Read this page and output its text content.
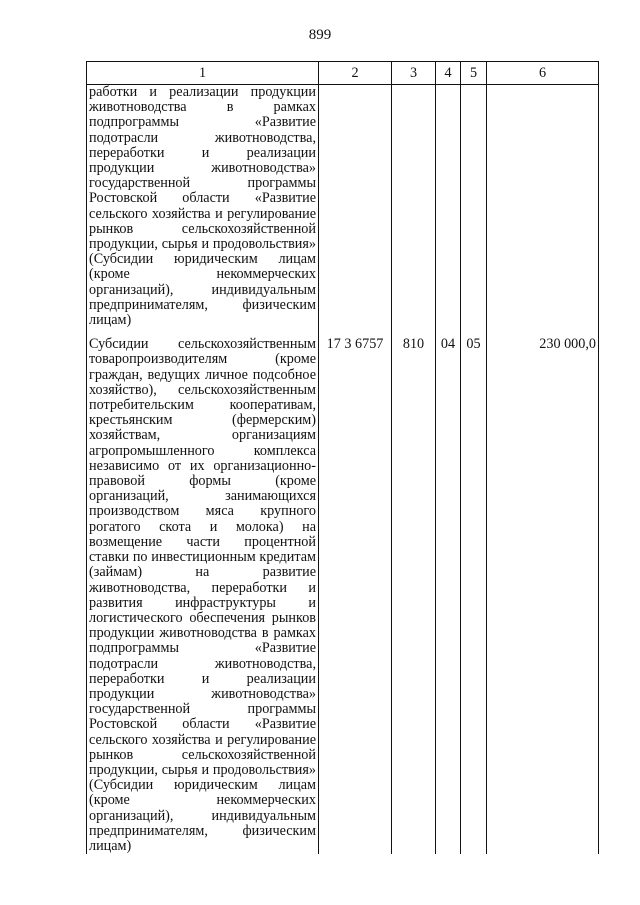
899
1	2	3	4	5	6
работки и реализации продукции животноводства в рамках подпрограммы «Развитие подотрасли животноводства, переработки и реализации продукции животноводства» государственной программы Ростовской области «Развитие сельского хозяйства и регулирование рынков сельскохозяйственной продукции, сырья и продовольствия» (Субсидии юридическим лицам (кроме некоммерческих организаций), индивидуальным предпринимателям, физическим лицам)					
Субсидии сельскохозяйственным товаропроизводителям (кроме граждан, ведущих личное подсобное хозяйство), сельскохозяйственным потребительским кооперативам, крестьянским (фермерским) хозяйствам, организациям агропромышленного комплекса независимо от их организационно-правовой формы (кроме организаций, занимающихся производством мяса крупного рогатого скота и молока) на возмещение части процентной ставки по инвестиционным кредитам (займам) на развитие животноводства, переработки и развития инфраструктуры и логистического обеспечения рынков продукции животноводства в рамках подпрограммы «Развитие подотрасли животноводства, переработки и реализации продукции животноводства» государственной программы Ростовской области «Развитие сельского хозяйства и регулирование рынков сельскохозяйственной продукции, сырья и продовольствия» (Субсидии юридическим лицам (кроме некоммерческих организаций), индивидуальным предпринимателям, физическим лицам)	17 3 6757	810	04	05	230 000,0
